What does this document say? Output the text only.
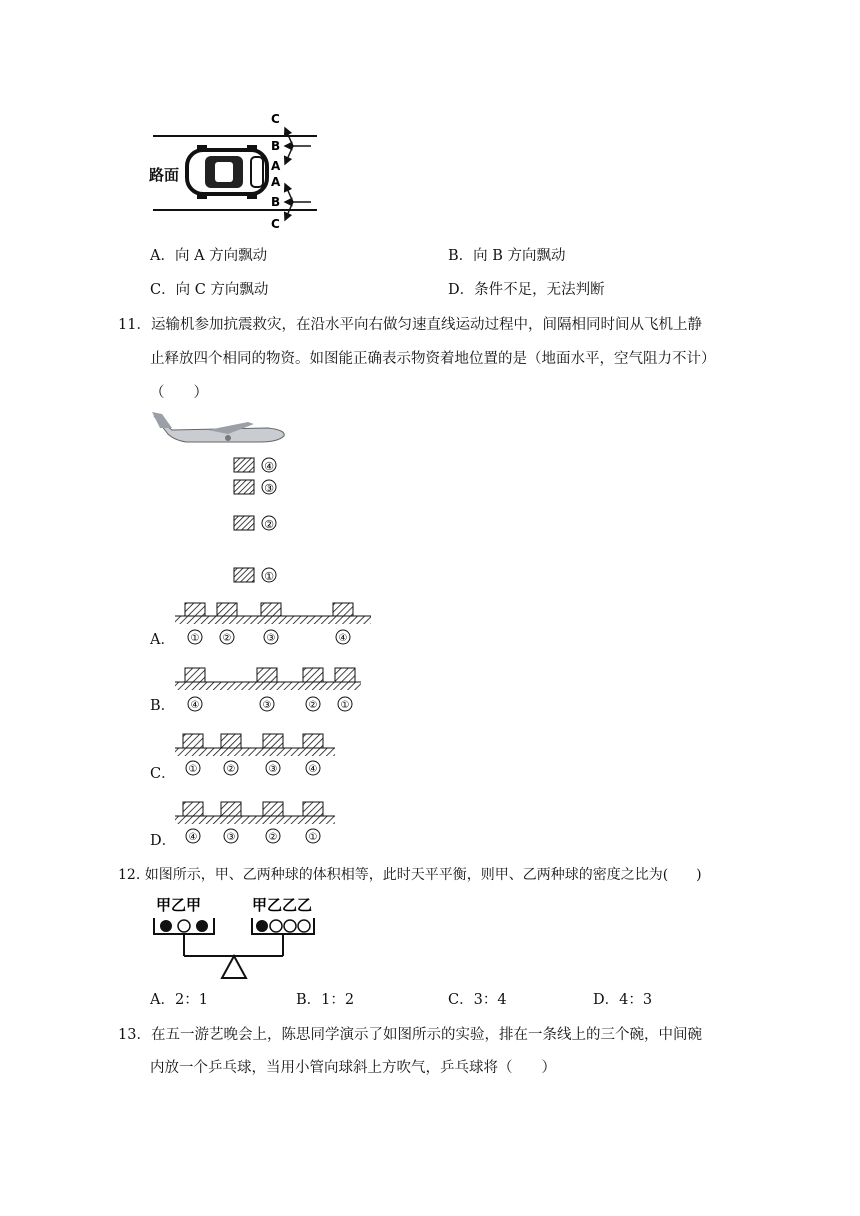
路面
C
B
A
A
B
C
A．向 A 方向飘动	B．向 B 方向飘动
C．向 C 方向飘动	D．条件不足，无法判断
11．运输机参加抗震救灾，在沿水平向右做匀速直线运动过程中，间隔相同时间从飞机上静
止释放四个相同的物资。如图能正确表示物资着地位置的是（地面水平，空气阻力不计）
（　　）
④
③
②
①
A． ① ②	③	④
B． ④	③	② ①
C． ①	②	③	④
D． ④	③	②	①
12. 如图所示，甲、乙两种球的体积相等，此时天平平衡，则甲、乙两种球的密度之比为(　　)
甲乙甲	甲乙乙乙
A．2：1	B．1：2	C．3：4	D．4：3
13．在五一游艺晚会上，陈思同学演示了如图所示的实验，排在一条线上的三个碗，中间碗
内放一个乒乓球，当用小管向球斜上方吹气，乒乓球将（　　）
